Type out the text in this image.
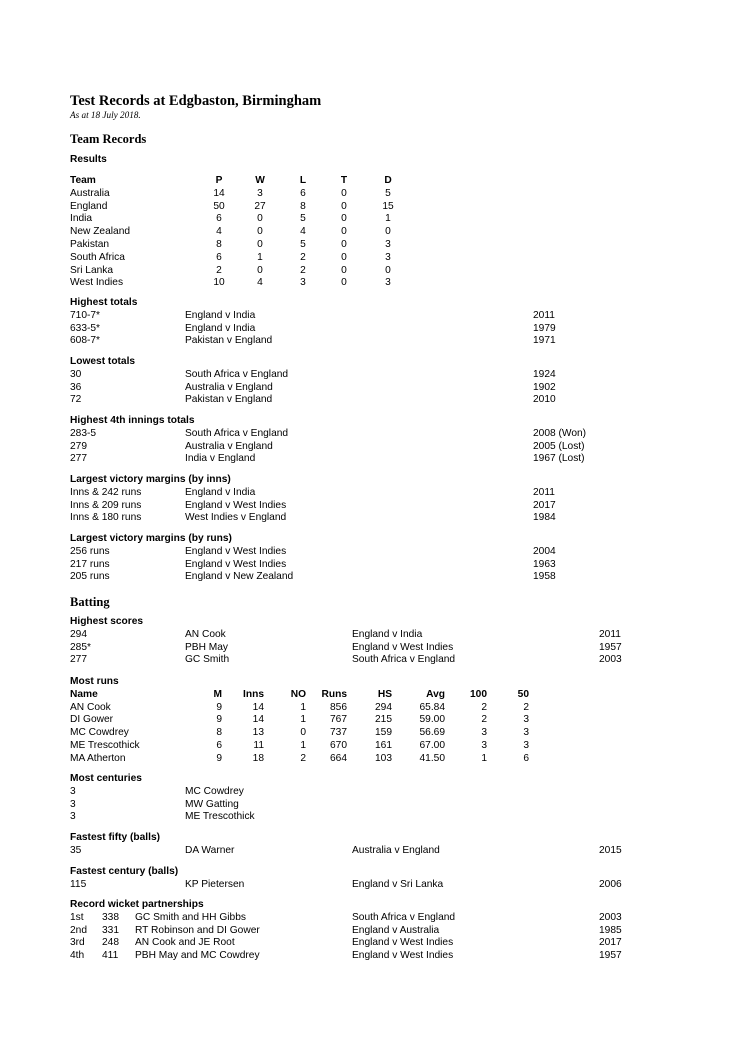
Test Records at Edgbaston, Birmingham
As at 18 July 2018.
Team Records
Batting
Results
Team	P	W	L	T	D
Australia	14	3	6	0	5
England	50	27	8	0	15
India	6	0	5	0	1
New Zealand	4	0	4	0	0
Pakistan	8	0	5	0	3
South Africa	6	1	2	0	3
Sri Lanka	2	0	2	0	0
West Indies	10	4	3	0	3
Highest totals
710-7*	England v India	2011
633-5*	England v India	1979
608-7*	Pakistan v England	1971
Lowest totals
30	South Africa v England	1924
36	Australia v England	1902
72	Pakistan v England	2010
Highest 4th innings totals
283-5	South Africa v England	2008 (Won)
279	Australia v England	2005 (Lost)
277	India v England	1967 (Lost)
Largest victory margins (by inns)
Inns & 242 runs	England v India	2011
Inns & 209 runs	England v West Indies	2017
Inns & 180 runs	West Indies v England	1984
Largest victory margins (by runs)
256 runs	England v West Indies	2004
217 runs	England v West Indies	1963
205 runs	England v New Zealand	1958
Highest scores
294	AN Cook	England v India	2011
285*	PBH May	England v West Indies	1957
277	GC Smith	South Africa v England	2003
Most runs
Name	M	Inns	NO	Runs	HS	Avg	100	50
AN Cook	9	14	1	856	294	65.84	2	2
DI Gower	9	14	1	767	215	59.00	2	3
MC Cowdrey	8	13	0	737	159	56.69	3	3
ME Trescothick	6	11	1	670	161	67.00	3	3
MA Atherton	9	18	2	664	103	41.50	1	6
Most centuries
3	MC Cowdrey
3	MW Gatting
3	ME Trescothick
Fastest fifty (balls)
35	DA Warner	Australia v England	2015
Fastest century (balls)
115	KP Pietersen	England v Sri Lanka	2006
Record wicket partnerships
1st 338 GC Smith and HH Gibbs	South Africa v England	2003
2nd 331 RT Robinson and DI Gower	England v Australia	1985
3rd 248 AN Cook and JE Root	England v West Indies	2017
4th 411 PBH May and MC Cowdrey	England v West Indies	1957
